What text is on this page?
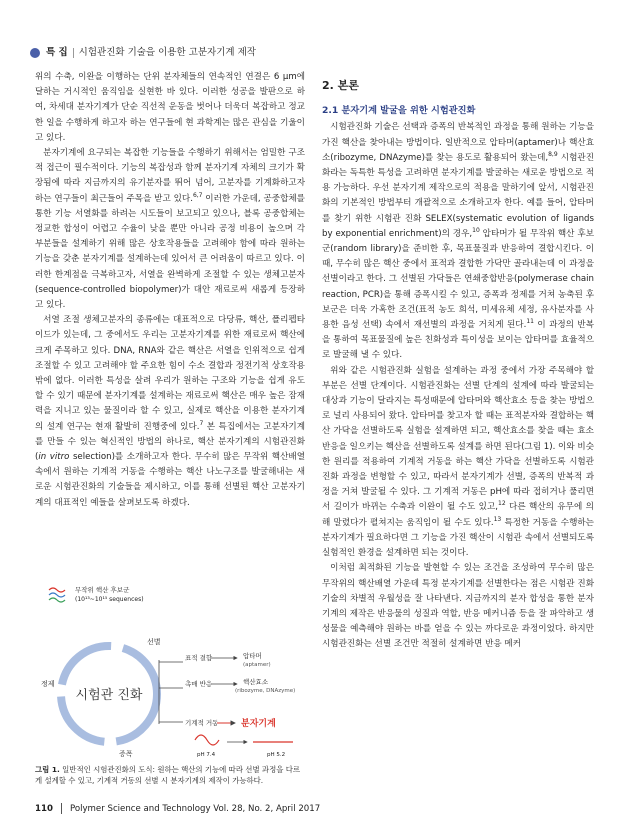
특 집 시험관진화 기술을 이용한 고분자기계 제작

위의 수축, 이완을 이행하는 단위 분자체들의 연속적인 연결은 6 μm에 달하는 거시적인 움직임을 실현한 바 있다. 이러한 성공을 발판으로 하여, 차세대 분자기계가 단순 직선적 운동을 벗어나 더욱더 복잡하고 정교한 일을 수행하게 하고자 하는 연구들에 현 과학계는 많은 관심을 기울이고 있다.

분자기계에 요구되는 복잡한 기능들을 수행하기 위해서는 엄밀한 구조적 접근이 필수적이다. 기능의 복잡성과 함께 분자기계 자체의 크기가 확장됨에 따라 지금까지의 유기분자를 뛰어 넘어, 고분자를 기계화하고자 하는 연구들이 최근들어 주목을 받고 있다.$^{6,7}$ 이러한 가운데, 공중합체를 통한 기능 서열화를 하려는 시도들이 보고되고 있으나, 블록 공중합체는 정교한 합성이 어렵고 수율이 낮을 뿐만 아니라 공정 비용이 높으며 각 부분들을 설계하기 위해 많은 상호작용들을 고려해야 함에 따라 원하는 기능을 갖춘 분자기계를 설계하는데 있어서 큰 어려움이 따르고 있다. 이러한 한계점을 극복하고자, 서열을 완벽하게 조절할 수 있는 생체고분자(sequence-controlled biopolymer)가 대안 재료로써 새롭게 등장하고 있다.

서열 조절 생체고분자의 종류에는 대표적으로 다당류, 핵산, 폴리펩타이드가 있는데, 그 중에서도 우리는 고분자기계를 위한 재료로써 핵산에 크게 주목하고 있다. DNA, RNA와 같은 핵산은 서열을 인위적으로 쉽게 조절할 수 있고 고려해야 할 주요한 힘이 수소 결합과 정전기적 상호작용 밖에 없다. 이러한 특성을 살려 우리가 원하는 구조와 기능을 쉽게 유도할 수 있기 때문에 분자기계를 설계하는 재료로써 핵산은 매우 높은 잠재력을 지니고 있는 물질이라 할 수 있고, 실제로 핵산을 이용한 분자기계의 설계 연구는 현재 활발히 진행중에 있다.$^7$ 본 특집에서는 고분자기계를 만들 수 있는 혁신적인 방법의 하나로, 핵산 분자기계의 시험관진화(in vitro selection)를 소개하고자 한다. 무수히 많은 무작위 핵산배열 속에서 원하는 기계적 거동을 수행하는 핵산 나노구조를 발굴해내는 새로운 시험관진화의 기술들을 제시하고, 이를 통해 선별된 핵산 고분자기계의 대표적인 예들을 살펴보도록 하겠다.

무작위 핵산 후보군
(10¹³~10¹⁵ sequences)
시험관 진화
선별
정제
증폭
표적 결합	압타머
(aptamer)
촉매 반응	핵산효소
(ribozyme, DNAzyme)
기계적 거동	분자기계
pH 7.4	pH 5.2
그림 1. 일반적인 시험관진화의 도식: 원하는 핵산의 기능에 따라 선별 과정을 다르게 설계할 수 있고, 기계적 거동의 선별 시 분자기계의 제작이 가능하다.
2. 본론
2.1 분자기계 발굴을 위한 시험관진화

시험관진화 기술은 선택과 증폭의 반복적인 과정을 통해 원하는 기능을 가진 핵산을 찾아내는 방법이다. 일반적으로 압타머(aptamer)나 핵산효소(ribozyme, DNAzyme)를 찾는 용도로 활용되어 왔는데,$^{8,9}$ 시험관진화라는 독특한 특성을 고려하면 분자기계를 발굴하는 새로운 방법으로 적용 가능하다. 우선 분자기계 제작으로의 적용을 말하기에 앞서, 시험관진화의 기본적인 방법부터 개괄적으로 소개하고자 한다. 예를 들어, 압타머를 찾기 위한 시험관 진화 SELEX(systematic evolution of ligands by exponential enrichment)의 경우,$^{10}$ 압타머가 될 무작위 핵산 후보군(random library)을 준비한 후, 목표물질과 반응하여 결합시킨다. 이 때, 무수히 많은 핵산 중에서 표적과 결합한 가닥만 골라내는데 이 과정을 선별이라고 한다. 그 선별된 가닥들은 연쇄중합반응(polymerase chain reaction, PCR)을 통해 증폭시킬 수 있고, 증폭과 정제를 거쳐 농축된 후보군은 더욱 가혹한 조건(표적 농도 희석, 미세유체 세정, 유사분자를 사용한 음성 선택) 속에서 재선별의 과정을 거치게 된다.$^{11}$ 이 과정의 반복을 통하여 목표물질에 높은 친화성과 특이성을 보이는 압타머를 효율적으로 발굴해 낼 수 있다.

위와 같은 시험관진화 실험을 설계하는 과정 중에서 가장 주목해야 할 부분은 선별 단계이다. 시험관진화는 선별 단계의 설계에 따라 발굴되는 대상과 기능이 달라지는 특성때문에 압타머와 핵산효소 등을 찾는 방법으로 널리 사용되어 왔다. 압타머를 찾고자 할 때는 표적분자와 결합하는 핵산 가닥을 선별하도록 실험을 설계하면 되고, 핵산효소를 찾을 때는 효소 반응을 일으키는 핵산을 선별하도록 설계를 하면 된다(그림 1). 이와 비슷한 원리를 적용하여 기계적 거동을 하는 핵산 가닥을 선별하도록 시험관진화 과정을 변형할 수 있고, 따라서 분자기계가 선별, 증폭의 반복적 과정을 거쳐 발굴될 수 있다. 그 기계적 거동은 pH에 따라 접히거나 풀리면서 길이가 바뀌는 수축과 이완이 될 수도 있고,$^{12}$ 다른 핵산의 유무에 의해 말렸다가 펼쳐지는 움직임이 될 수도 있다.$^{13}$ 특정한 거동을 수행하는 분자기계가 필요하다면 그 기능을 가진 핵산이 시험관 속에서 선별되도록 실험적인 환경을 설계하면 되는 것이다.

이처럼 최적화된 기능을 발현할 수 있는 조건을 조성하여 무수히 많은 무작위의 핵산배열 가운데 특정 분자기계를 선별한다는 점은 시험관 진화기술의 차별적 우월성을 잘 나타낸다. 지금까지의 분자 합성을 통한 분자기계의 제작은 반응물의 성질과 역할, 반응 메커니즘 등을 잘 파악하고 생성물을 예측해야 원하는 바를 얻을 수 있는 까다로운 과정이었다. 하지만 시험관진화는 선별 조건만 적절히 설계하면 반응 메커

110 Polymer Science and Technology Vol. 28, No. 2, April 2017
